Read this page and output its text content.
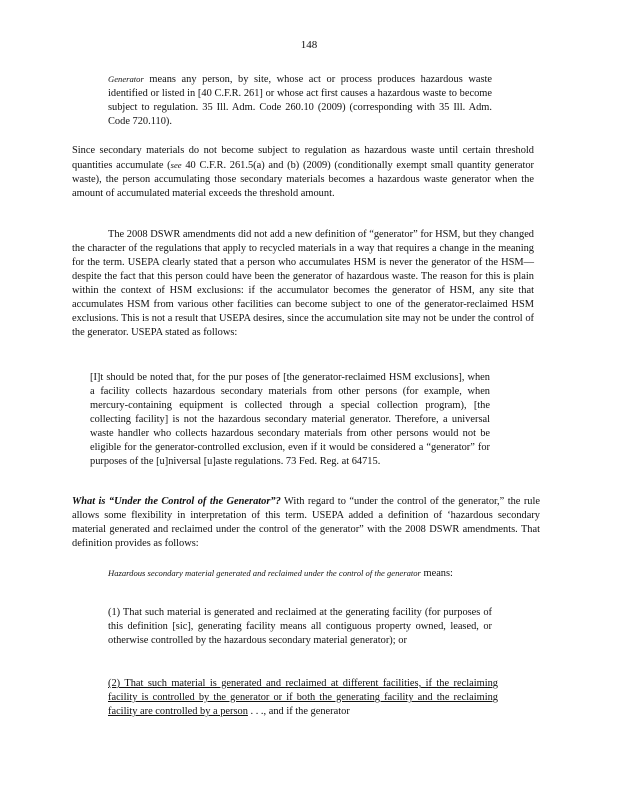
148

Generator means any person, by site, whose act or process produces hazardous waste identified or listed in [40 C.F.R. 261] or whose act first causes a hazardous waste to become subject to regulation. 35 Ill. Adm. Code 260.10 (2009) (corresponding with 35 Ill. Adm. Code 720.110).

Since secondary materials do not become subject to regulation as hazardous waste until certain threshold quantities accumulate (see 40 C.F.R. 261.5(a) and (b) (2009) (conditionally exempt small quantity generator waste), the person accumulating those secondary materials becomes a hazardous waste generator when the amount of accumulated material exceeds the threshold amount.

The 2008 DSWR amendments did not add a new definition of “generator” for HSM, but they changed the character of the regulations that apply to recycled materials in a way that requires a change in the meaning for the term. USEPA clearly stated that a person who accumulates HSM is never the generator of the HSM—despite the fact that this person could have been the generator of hazardous waste. The reason for this is plain within the context of HSM exclusions: if the accumulator becomes the generator of HSM, any site that accumulates HSM from various other facilities can become subject to one of the generator-reclaimed HSM exclusions. This is not a result that USEPA desires, since the accumulation site may not be under the control of the generator. USEPA stated as follows:

[I]t should be noted that, for the pur poses of [the generator-reclaimed HSM exclusions], when a facility collects hazardous secondary materials from other persons (for example, when mercury-containing equipment is collected through a special collection program), [the collecting facility] is not the hazardous secondary material generator. Therefore, a universal waste handler who collects hazardous secondary materials from other persons would not be eligible for the generator-controlled exclusion, even if it would be considered a “generator” for purposes of the [u]niversal [u]aste regulations. 73 Fed. Reg. at 64715.

What is “Under the Control of the Generator”? With regard to “under the control of the generator,” the rule allows some flexibility in interpretation of this term. USEPA added a definition of ‘hazardous secondary material generated and reclaimed under the control of the generator” with the 2008 DSWR amendments. That definition provides as follows:

Hazardous secondary material generated and reclaimed under the control of the generator means:

(1) That such material is generated and reclaimed at the generating facility (for purposes of this definition [sic], generating facility means all contiguous property owned, leased, or otherwise controlled by the hazardous secondary material generator); or

(2) That such material is generated and reclaimed at different facilities, if the reclaiming facility is controlled by the generator or if both the generating facility and the reclaiming facility are controlled by a person . . ., and if the generator
